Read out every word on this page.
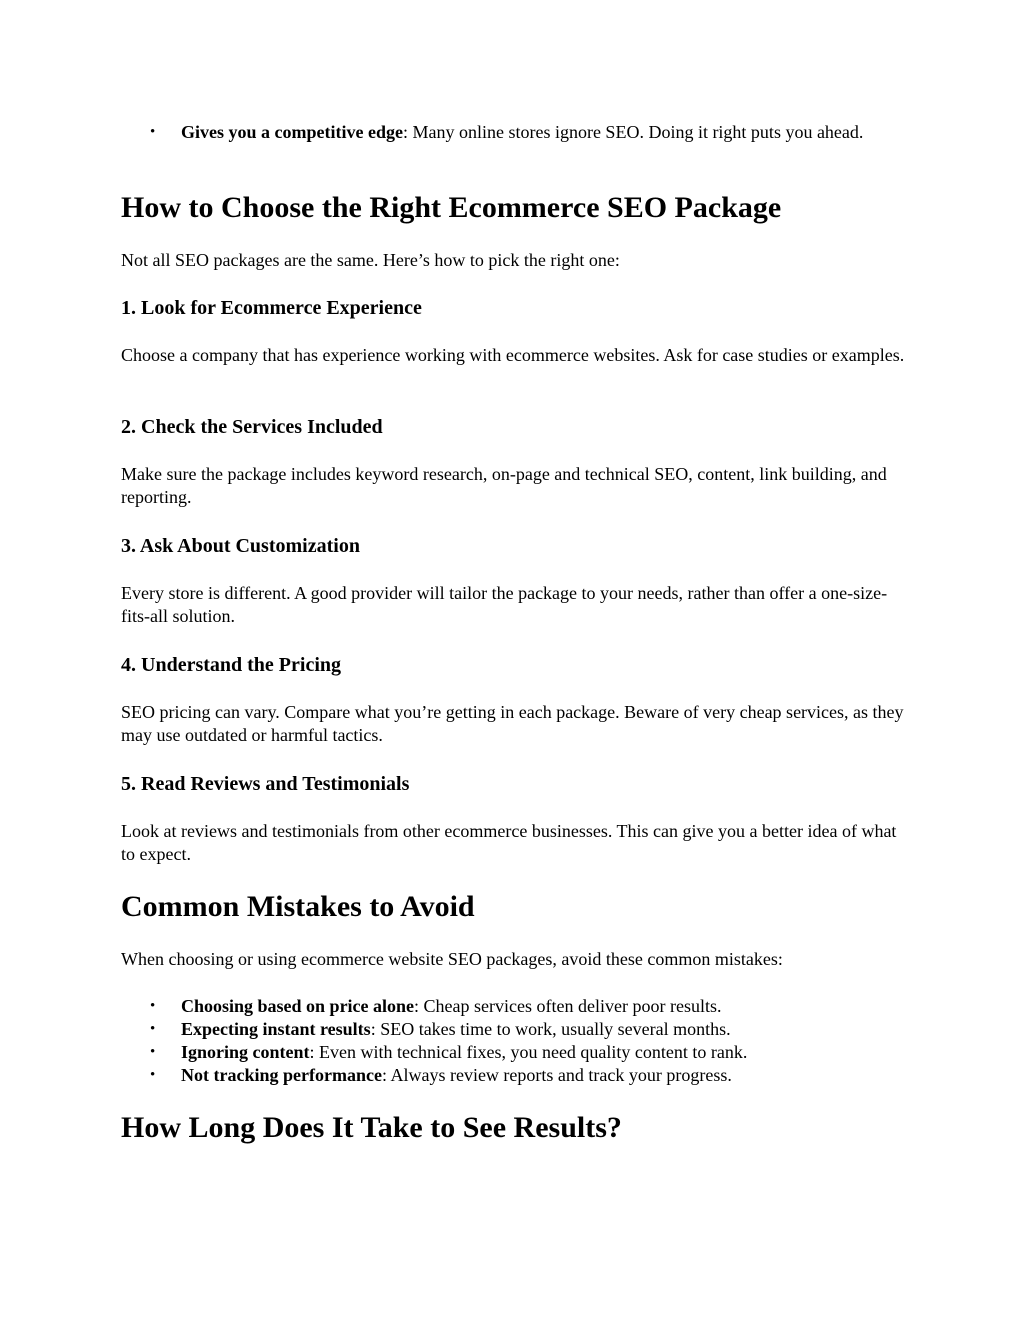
• Gives you a competitive edge: Many online stores ignore SEO. Doing it right puts you ahead.
How to Choose the Right Ecommerce SEO Package

Not all SEO packages are the same. Here’s how to pick the right one:

1. Look for Ecommerce Experience

Choose a company that has experience working with ecommerce websites. Ask for case studies or examples.

2. Check the Services Included

Make sure the package includes keyword research, on-page and technical SEO, content, link building, and reporting.

3. Ask About Customization

Every store is different. A good provider will tailor the package to your needs, rather than offer a one-size-fits-all solution.

4. Understand the Pricing

SEO pricing can vary. Compare what you’re getting in each package. Beware of very cheap services, as they may use outdated or harmful tactics.

5. Read Reviews and Testimonials

Look at reviews and testimonials from other ecommerce businesses. This can give you a better idea of what to expect.

Common Mistakes to Avoid

When choosing or using ecommerce website SEO packages, avoid these common mistakes:

• Choosing based on price alone: Cheap services often deliver poor results.
• Expecting instant results: SEO takes time to work, usually several months.
• Ignoring content: Even with technical fixes, you need quality content to rank.
• Not tracking performance: Always review reports and track your progress.
How Long Does It Take to See Results?
